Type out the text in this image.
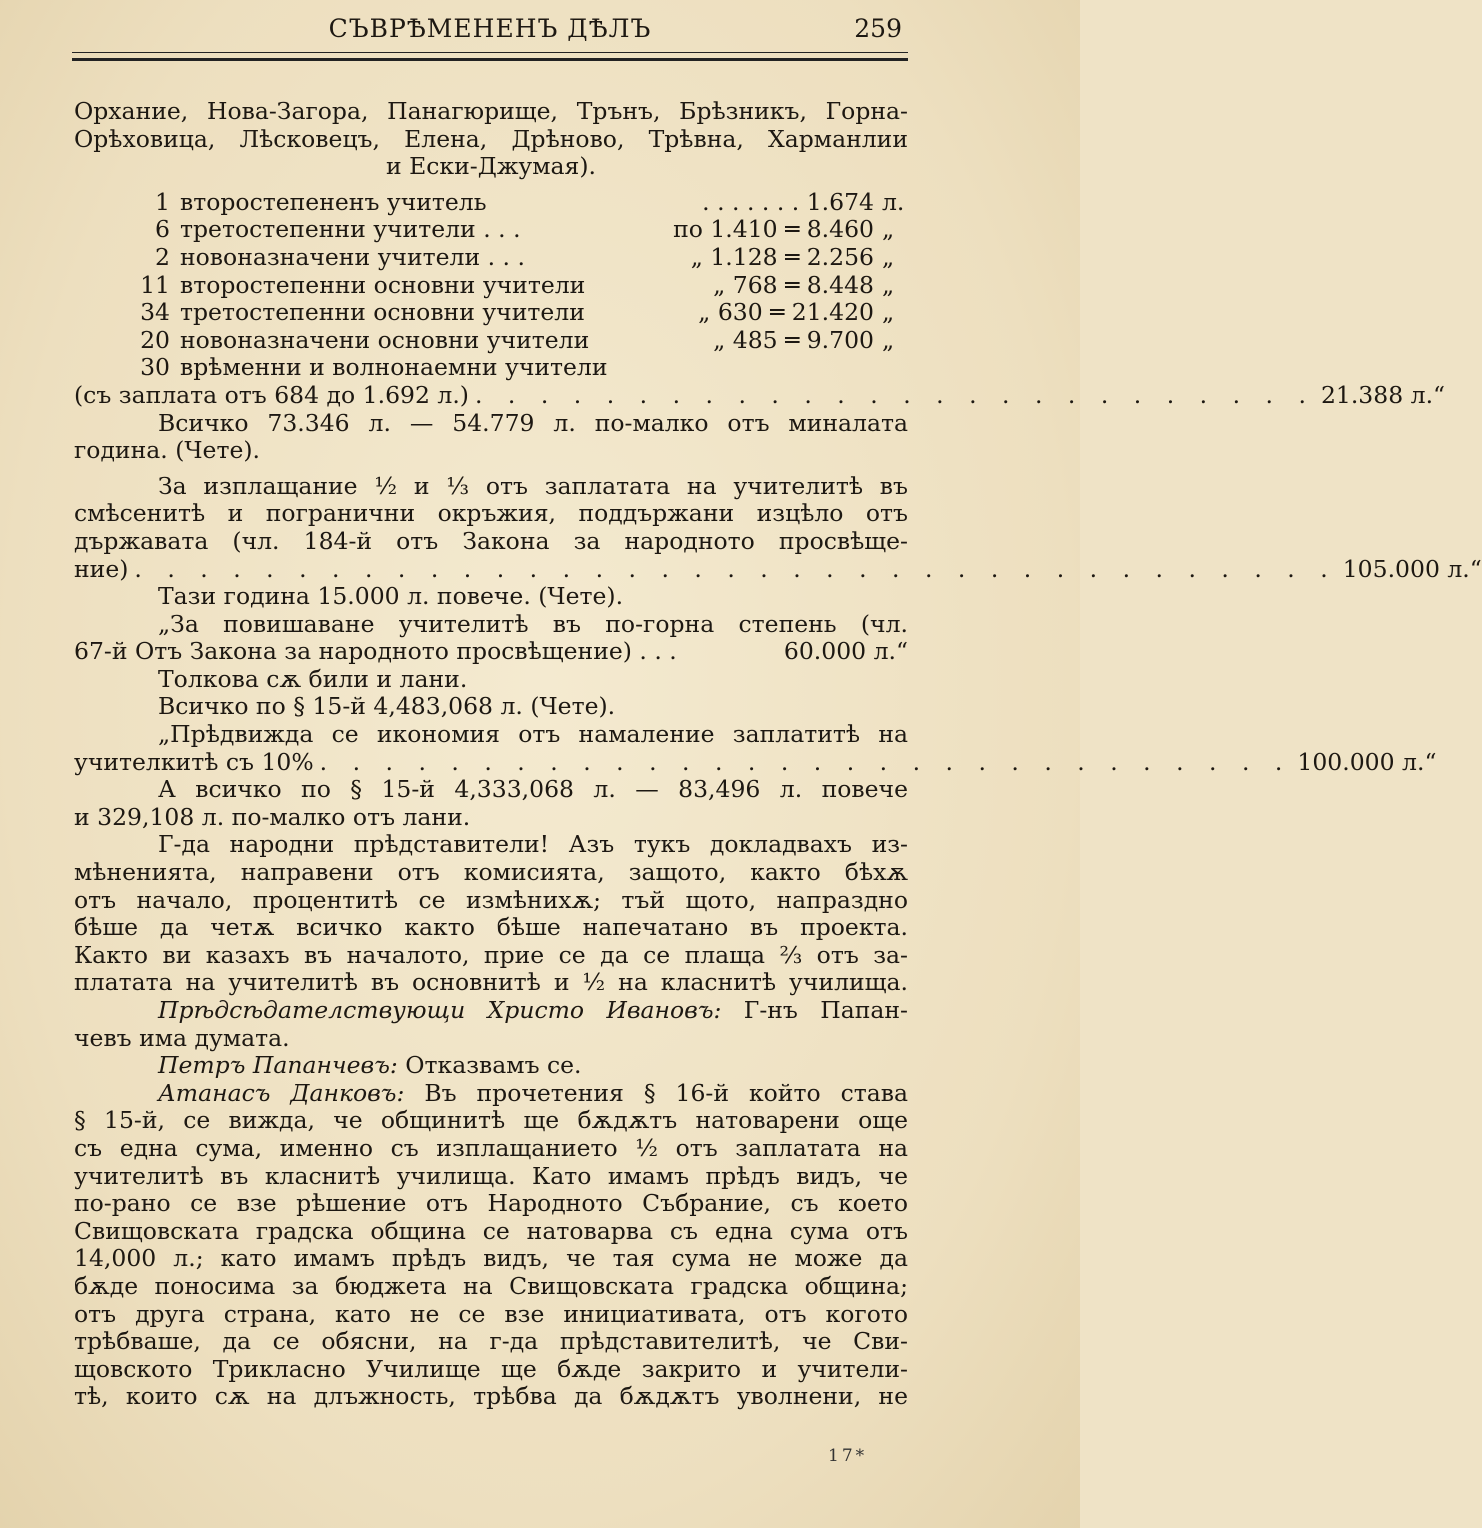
СЪВРѢМЕНЕНЪ ДѢЛЪ	259
Орхание, Нова-Загора, Панагюрище, Трънъ, Брѣзникъ, Горна-
Орѣховица, Лѣсковецъ, Елена, Дрѣново, Трѣвна, Харманлии
и Ески-Джумая).
1 второстепененъ учитель	. . . . . . . 1.674 л.
6 третостепенни учители . . .	по 1.410 ═ 8.460 „
2 новоназначени учители . . .	„ 1.128 ═ 2.256 „
11 второстепенни основни учители	„ 768 ═ 8.448 „
34 третостепенни основни учители	„ 630 ═ 21.420 „
20 новоназначени основни учители	„ 485 ═ 9.700 „
30 врѣменни и волнонаемни учители
(съ заплата отъ 684 до 1.692 л.) . . . . . . . . . . . . . . . . . . . . . . . . . . 21.388 л.“
Всичко 73.346 л. — 54.779 л. по-малко отъ миналата
година. (Чете).
За изплащание ½ и ⅓ отъ заплатата на учителитѣ въ
смѣсенитѣ и погранични окръжия, поддържани изцѣло отъ
държавата (чл. 184-й отъ Закона за народното просвѣще-
ние) . . . . . . . . . . . . . . . . . . . . . . . . . . . . . . . . . . . . . 105.000 л.“
Тази година 15.000 л. повече. (Чете).
„За повишаване учителитѣ въ по-горна степень (чл.
67-й Отъ Закона за народното просвѣщение) . . .	60.000 л.“
Толкова сѫ били и лани.
Всичко по § 15-й 4,483,068 л. (Чете).
„Прѣдвижда се икономия отъ намаление заплатитѣ на
учителкитѣ съ 10% . . . . . . . . . . . . . . . . . . . . . . . . . . . . . . 100.000 л.“
А всичко по § 15-й 4,333,068 л. — 83,496 л. повече
и 329,108 л. по-малко отъ лани.
Г-да народни прѣдставители! Азъ тукъ докладвахъ из-
мѣненията, направени отъ комисията, защото, както бѣхѫ
отъ начало, процентитѣ се измѣнихѫ; тъй щото, напраздно
бѣше да четѫ всичко както бѣше напечатано въ проекта.
Както ви казахъ въ началото, прие се да се плаща ⅔ отъ за-
платата на учителитѣ въ основнитѣ и ½ на класнитѣ училища.
Прѣдсѣдателствующи Христо Ивановъ: Г-нъ Папан-
чевъ има думата.
Петръ Папанчевъ: Отказвамъ се.
Атанасъ Данковъ: Въ прочетения § 16-й който става
§ 15-й, се вижда, че общинитѣ ще бѫдѫтъ натоварени още
съ една сума, именно съ изплащанието ½ отъ заплатата на
учителитѣ въ класнитѣ училища. Като имамъ прѣдъ видъ, че
по-рано се взе рѣшение отъ Народното Събрание, съ което
Свищовската градска община се натоварва съ една сума отъ
14,000 л.; като имамъ прѣдъ видъ, че тая сума не може да
бѫде поносима за бюджета на Свищовската градска община;
отъ друга страна, като не се взе инициативата, отъ когото
трѣбваше, да се обясни, на г-да прѣдставителитѣ, че Сви-
щовското Трикласно Училище ще бѫде закрито и учители-
тѣ, които сѫ на длъжность, трѣбва да бѫдѫтъ уволнени, не
17*
